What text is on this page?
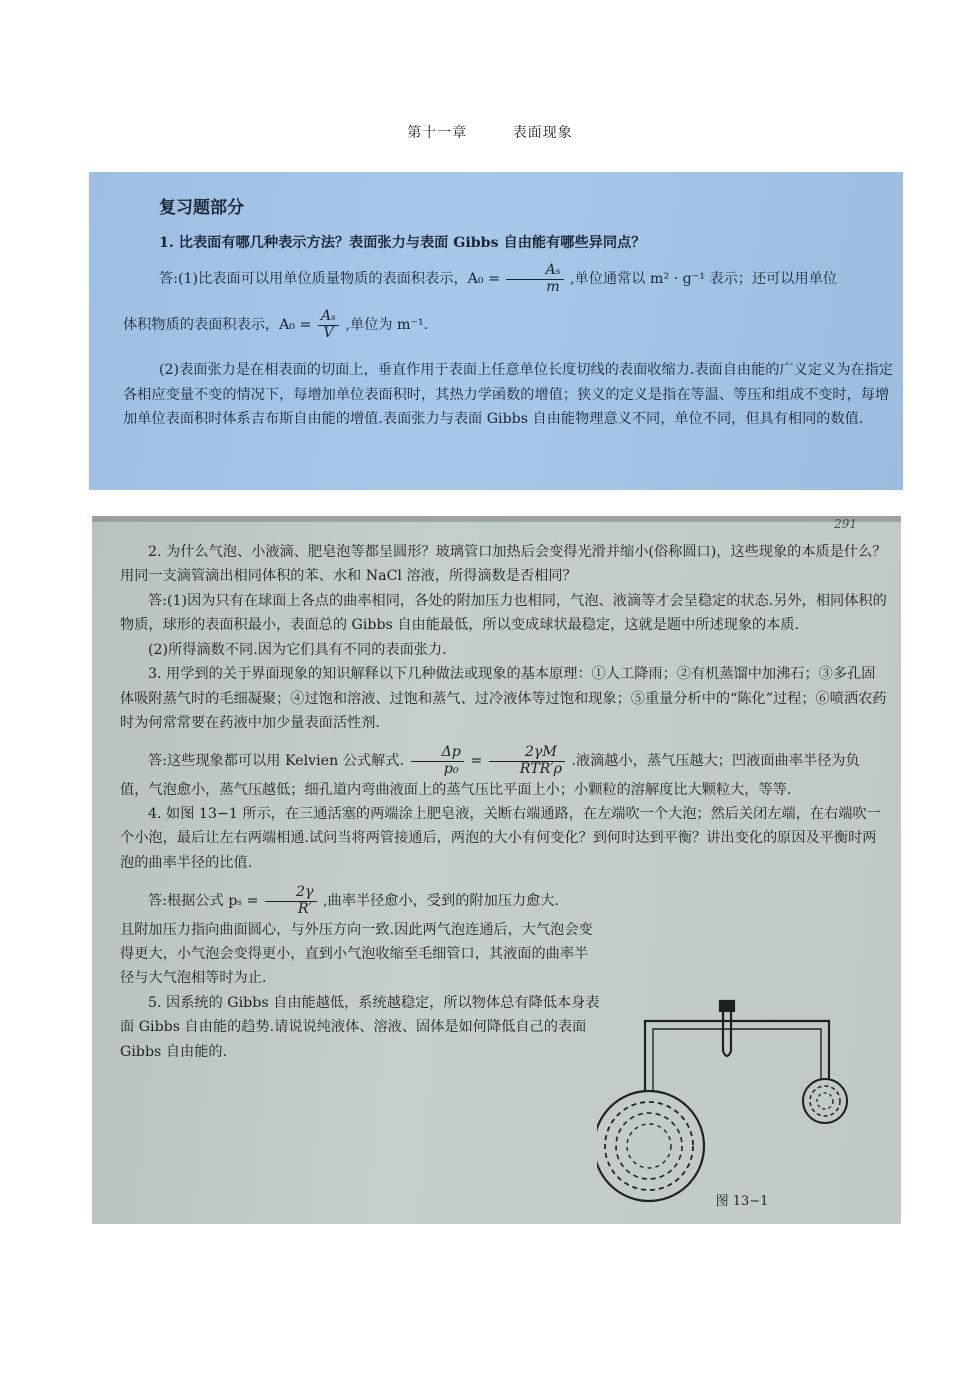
第十一章	表面现象
复习题部分

1. 比表面有哪几种表示方法？表面张力与表面 Gibbs 自由能有哪些异同点？

答:(1)比表面可以用单位质量物质的表面积表示，$A_0 = \frac{\text{Aₛ}}{m}$ ,单位通常以 m² · g⁻¹ 表示；还可以用单位

体积物质的表面积表示，$A_0 = \frac{\text{Aₛ}}{V}$ ,单位为 m⁻¹.

(2)表面张力是在相表面的切面上，垂直作用于表面上任意单位长度切线的表面收缩力.表面自由能的广义定义为在指定各相应变量不变的情况下，每增加单位表面积时，其热力学函数的增值；狭义的定义是指在等温、等压和组成不变时，每增加单位表面积时体系吉布斯自由能的增值.表面张力与表面 Gibbs 自由能物理意义不同，单位不同，但具有相同的数值.

291

2. 为什么气泡、小液滴、肥皂泡等都呈圆形？玻璃管口加热后会变得光滑并缩小(俗称圆口)，这些现象的本质是什么？用同一支滴管滴出相同体积的苯、水和 NaCl 溶液，所得滴数是否相同？

答:(1)因为只有在球面上各点的曲率相同，各处的附加压力也相同，气泡、液滴等才会呈稳定的状态.另外，相同体积的物质，球形的表面积最小，表面总的 Gibbs 自由能最低，所以变成球状最稳定，这就是题中所述现象的本质.

(2)所得滴数不同.因为它们具有不同的表面张力.

3. 用学到的关于界面现象的知识解释以下几种做法或现象的基本原理：①人工降雨；②有机蒸馏中加沸石；③多孔固体吸附蒸气时的毛细凝聚；④过饱和溶液、过饱和蒸气、过冷液体等过饱和现象；⑤重量分析中的“陈化”过程；⑥喷洒农药时为何常常要在药液中加少量表面活性剂.

答:这些现象都可以用 Kelvien 公式解式. $\frac{\Delta p}{\text{p₀}} = \frac{2\gamma M}{\text{RTR′ρ}}$ .液滴越小，蒸气压越大；凹液面曲率半径为负值，气泡愈小，蒸气压越低；细孔道内弯曲液面上的蒸气压比平面上小；小颗粒的溶解度比大颗粒大，等等.

4. 如图 13−1 所示，在三通活塞的两端涂上肥皂液，关断右端通路，在左端吹一个大泡；然后关闭左端，在右端吹一个小泡，最后让左右两端相通.试问当将两管接通后，两泡的大小有何变化？到何时达到平衡？讲出变化的原因及平衡时两泡的曲率半径的比值.

答:根据公式 $p_s = \frac{2\gamma}{R'}$ ,曲率半径愈小，受到的附加压力愈大.

且附加压力指向曲面圆心，与外压方向一致.因此两气泡连通后，大气泡会变得更大，小气泡会变得更小，直到小气泡收缩至毛细管口，其液面的曲率半径与大气泡相等时为止.

5. 因系统的 Gibbs 自由能越低，系统越稳定，所以物体总有降低本身表面 Gibbs 自由能的趋势.请说说纯液体、溶液、固体是如何降低自己的表面 Gibbs 自由能的.

图 13−1
